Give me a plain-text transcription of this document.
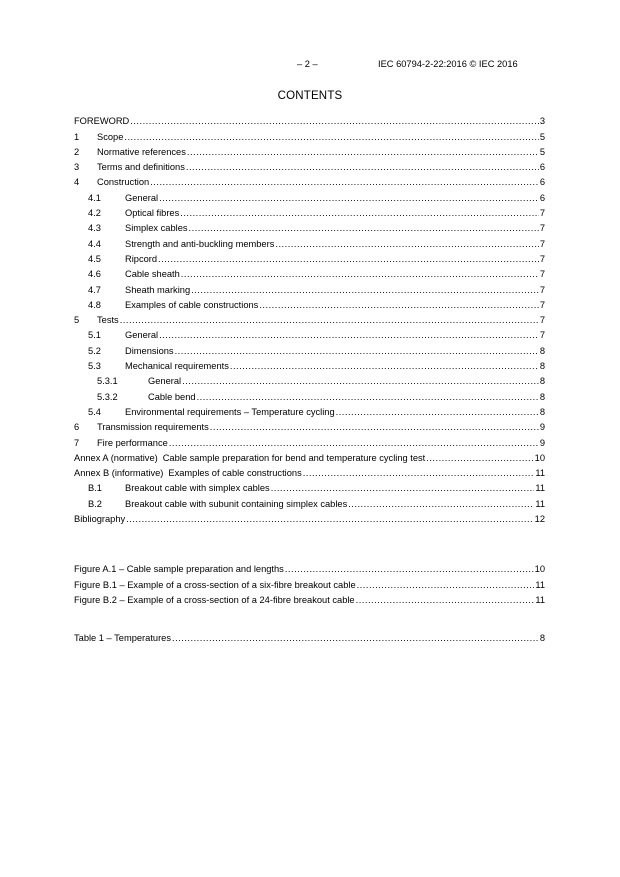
– 2 –	IEC 60794-2-22:2016 © IEC 2016
CONTENTS
FOREWORD .....	3
1	Scope .....	5
2	Normative references .....	5
3	Terms and definitions .....	6
4	Construction .....	6
4.1	General .....	6
4.2	Optical fibres .....	7
4.3	Simplex cables .....	7
4.4	Strength and anti-buckling members .....	7
4.5	Ripcord .....	7
4.6	Cable sheath .....	7
4.7	Sheath marking .....	7
4.8	Examples of cable constructions .....	7
5	Tests .....	7
5.1	General .....	7
5.2	Dimensions .....	8
5.3	Mechanical requirements .....	8
5.3.1	General .....	8
5.3.2	Cable bend .....	8
5.4	Environmental requirements – Temperature cycling .....	8
6	Transmission requirements .....	9
7	Fire performance .....	9
Annex A (normative) Cable sample preparation for bend and temperature cycling test .....	10
Annex B (informative) Examples of cable constructions .....	11
B.1	Breakout cable with simplex cables .....	11
B.2	Breakout cable with subunit containing simplex cables .....	11
Bibliography .....	12
Figure A.1 – Cable sample preparation and lengths .....	10
Figure B.1 – Example of a cross-section of a six-fibre breakout cable .....	11
Figure B.2 – Example of a cross-section of a 24-fibre breakout cable .....	11
Table 1 – Temperatures .....	8
